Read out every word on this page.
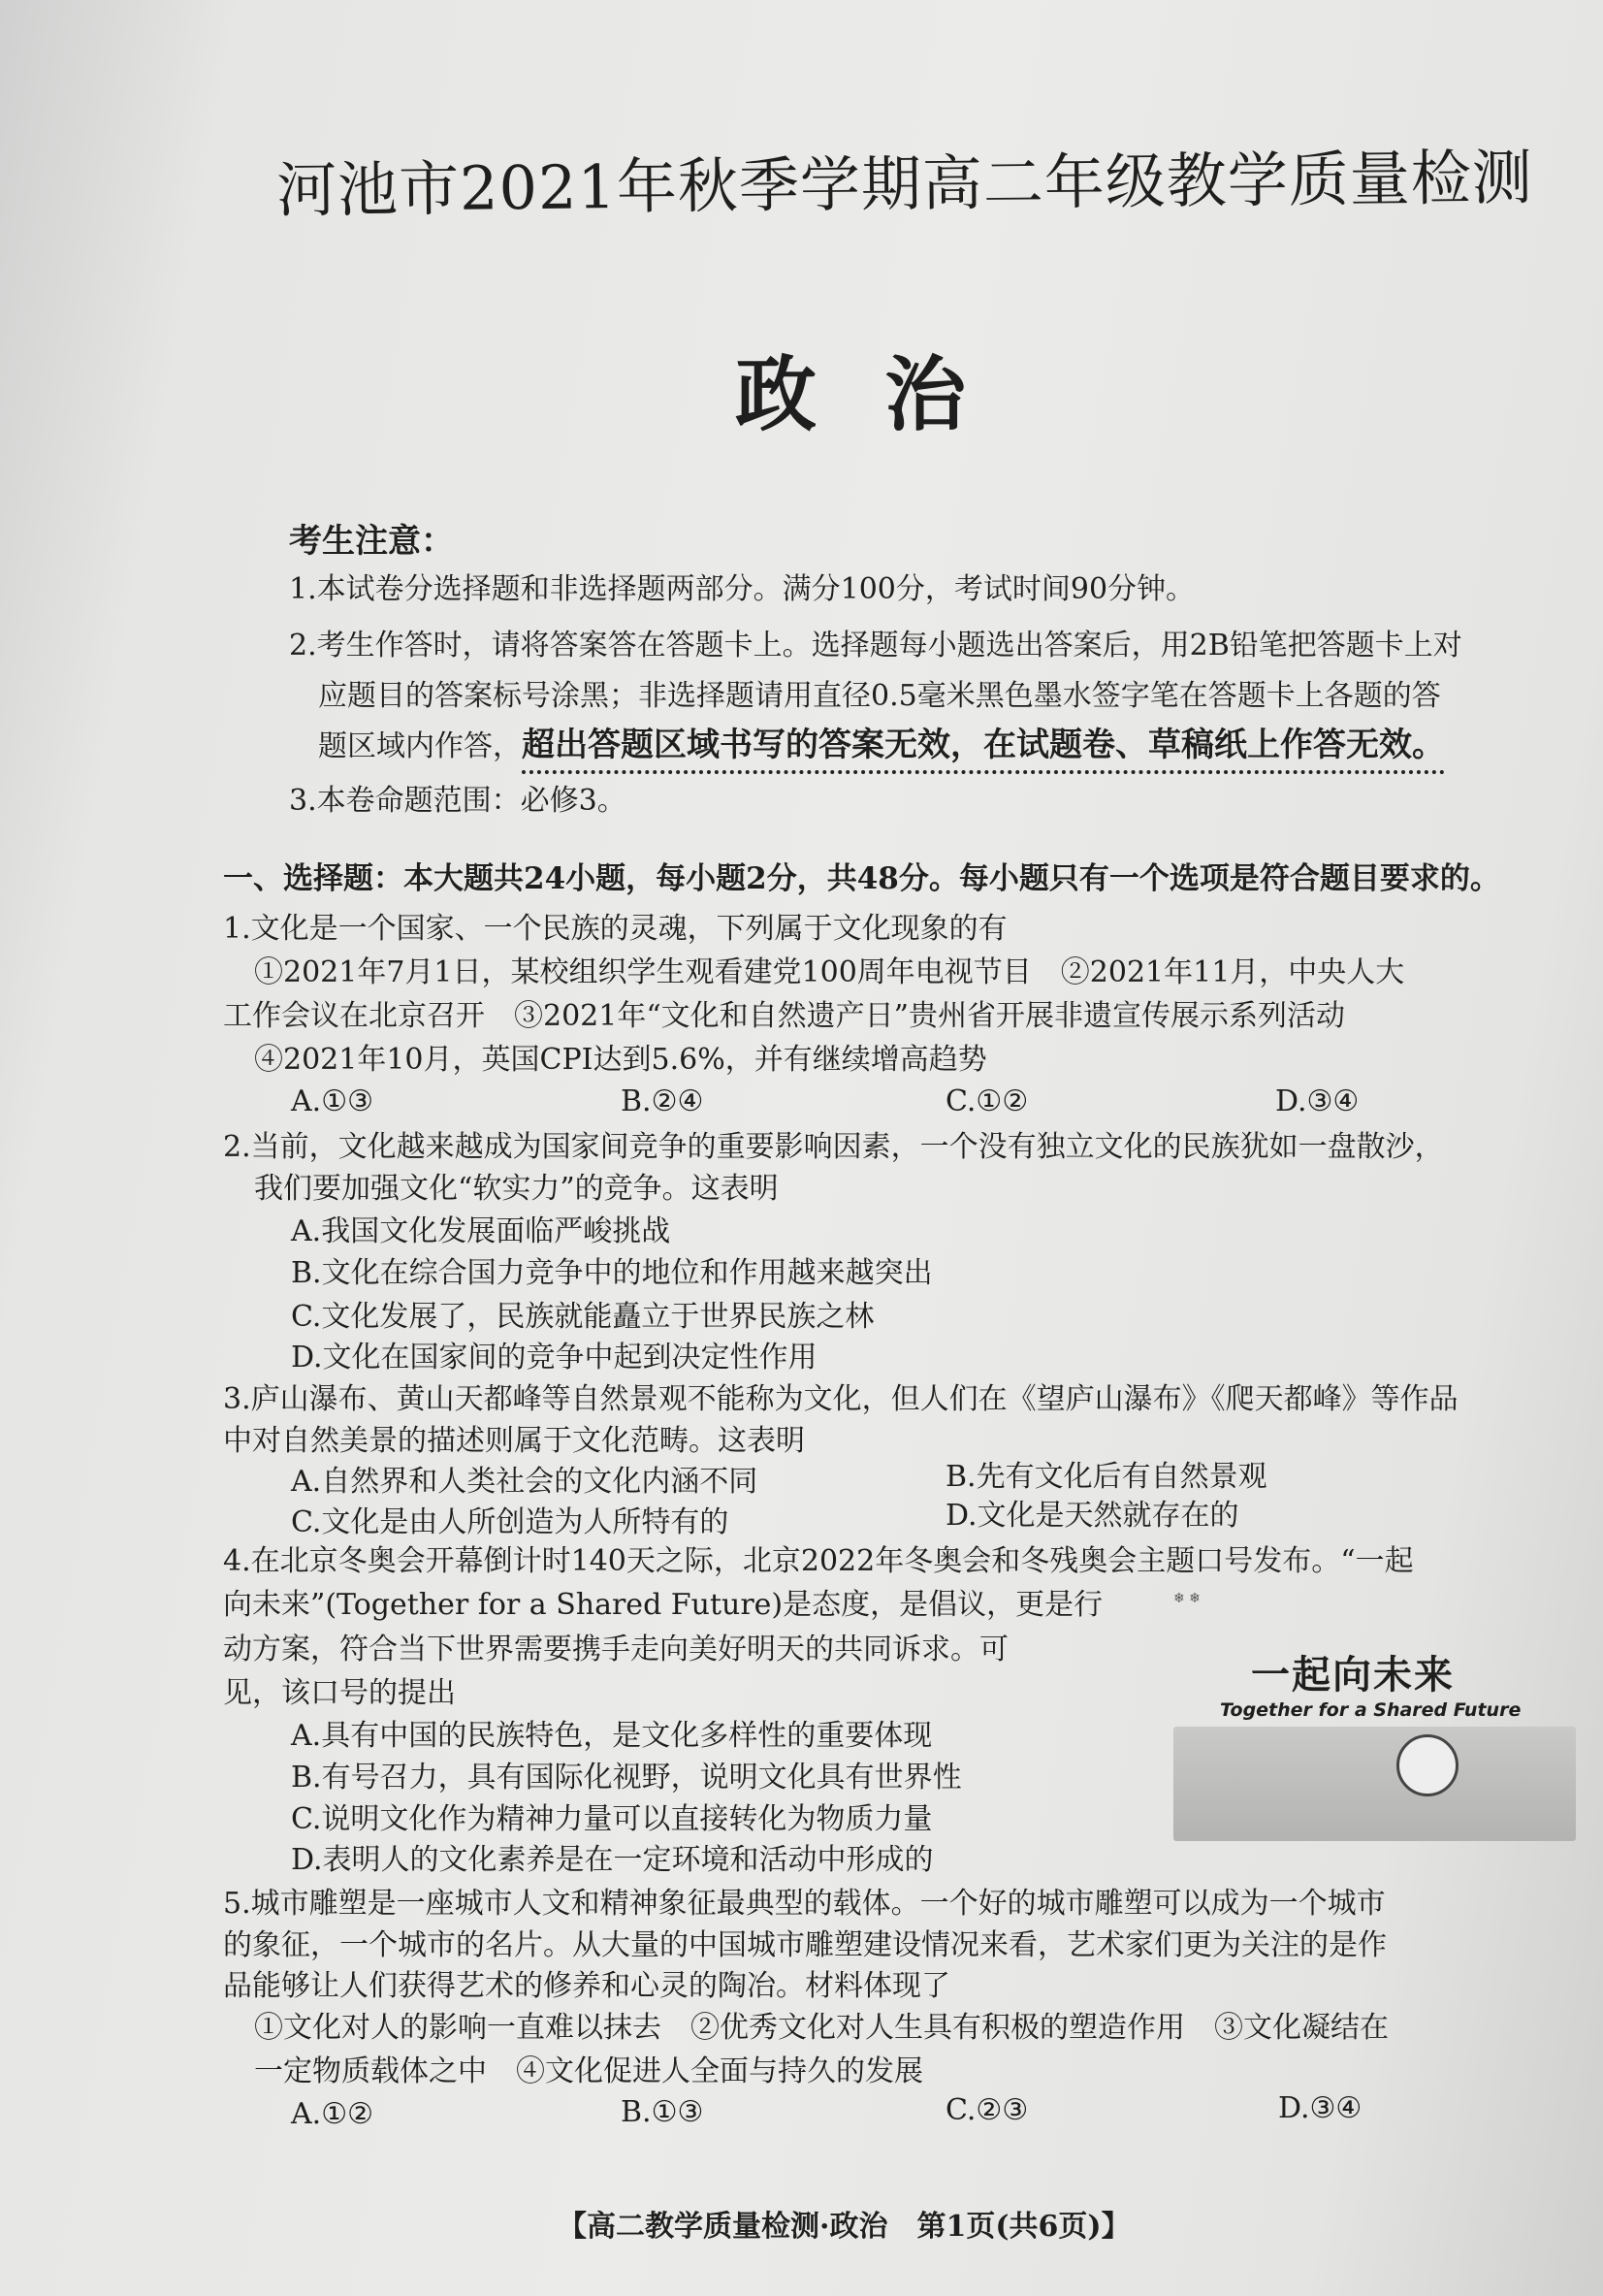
河池市2021年秋季学期高二年级教学质量检测
政治
考生注意：
1.本试卷分选择题和非选择题两部分。满分100分，考试时间90分钟。
2.考生作答时，请将答案答在答题卡上。选择题每小题选出答案后，用2B铅笔把答题卡上对
应题目的答案标号涂黑；非选择题请用直径0.5毫米黑色墨水签字笔在答题卡上各题的答
题区域内作答，超出答题区域书写的答案无效，在试题卷、草稿纸上作答无效。
3.本卷命题范围：必修3。
一、选择题：本大题共24小题，每小题2分，共48分。每小题只有一个选项是符合题目要求的。
1.文化是一个国家、一个民族的灵魂，下列属于文化现象的有
①2021年7月1日，某校组织学生观看建党100周年电视节目　②2021年11月，中央人大
工作会议在北京召开　③2021年“文化和自然遗产日”贵州省开展非遗宣传展示系列活动
④2021年10月，英国CPI达到5.6%，并有继续增高趋势
A.①③	B.②④	C.①②	D.③④
2.当前，文化越来越成为国家间竞争的重要影响因素，一个没有独立文化的民族犹如一盘散沙，
我们要加强文化“软实力”的竞争。这表明
A.我国文化发展面临严峻挑战
B.文化在综合国力竞争中的地位和作用越来越突出
C.文化发展了，民族就能矗立于世界民族之林
D.文化在国家间的竞争中起到决定性作用
3.庐山瀑布、黄山天都峰等自然景观不能称为文化，但人们在《望庐山瀑布》《爬天都峰》等作品
中对自然美景的描述则属于文化范畴。这表明
A.自然界和人类社会的文化内涵不同	B.先有文化后有自然景观
C.文化是由人所创造为人所特有的	D.文化是天然就存在的
4.在北京冬奥会开幕倒计时140天之际，北京2022年冬奥会和冬残奥会主题口号发布。“一起
向未来”(Together for a Shared Future)是态度，是倡议，更是行
动方案，符合当下世界需要携手走向美好明天的共同诉求。可
见，该口号的提出
A.具有中国的民族特色，是文化多样性的重要体现
B.有号召力，具有国际化视野，说明文化具有世界性
C.说明文化作为精神力量可以直接转化为物质力量
D.表明人的文化素养是在一定环境和活动中形成的
❄ ❄
一起向未来
Together for a Shared Future
5.城市雕塑是一座城市人文和精神象征最典型的载体。一个好的城市雕塑可以成为一个城市
的象征，一个城市的名片。从大量的中国城市雕塑建设情况来看，艺术家们更为关注的是作
品能够让人们获得艺术的修养和心灵的陶冶。材料体现了
①文化对人的影响一直难以抹去　②优秀文化对人生具有积极的塑造作用　③文化凝结在
一定物质载体之中　④文化促进人全面与持久的发展
A.①②	B.①③	C.②③	D.③④
【高二教学质量检测·政治　第1页(共6页)】
